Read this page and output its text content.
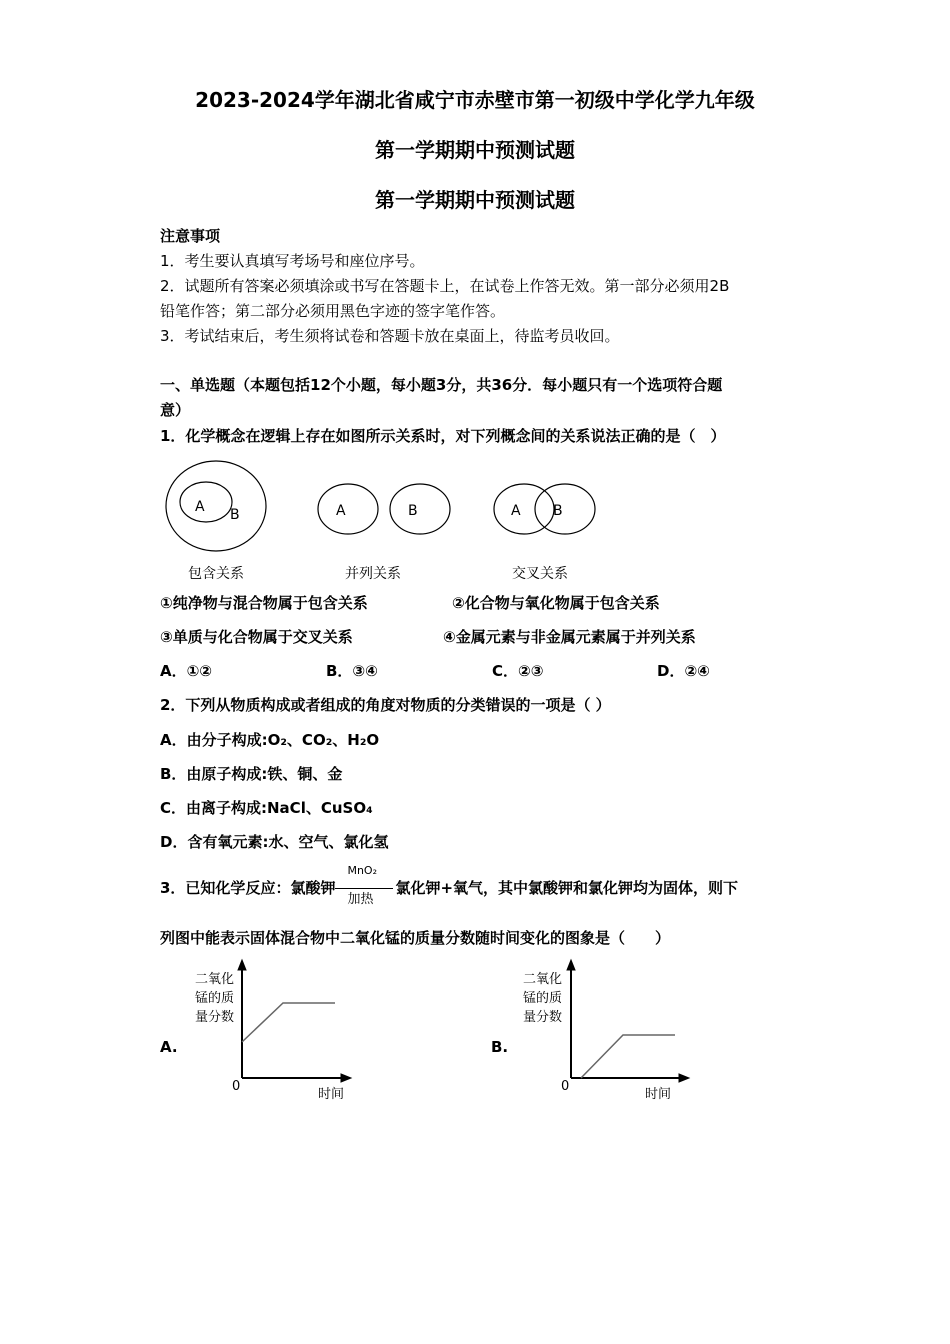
2023-2024学年湖北省咸宁市赤壁市第一初级中学化学九年级
第一学期期中预测试题
第一学期期中预测试题
注意事项
1．考生要认真填写考场号和座位序号。
2．试题所有答案必须填涂或书写在答题卡上，在试卷上作答无效。第一部分必须用2B
铅笔作答；第二部分必须用黑色字迹的签字笔作答。
3．考试结束后，考生须将试卷和答题卡放在桌面上，待监考员收回。
一、单选题（本题包括12个小题，每小题3分，共36分．每小题只有一个选项符合题
意）
1．化学概念在逻辑上存在如图所示关系时，对下列概念间的关系说法正确的是（　）
A B	A	B	A B
包含关系	并列关系	交叉关系
①纯净物与混合物属于包含关系	②化合物与氧化物属于包含关系
③单质与化合物属于交叉关系	④金属元素与非金属元素属于并列关系
A．①②	B．③④	C．②③	D．②④
2．下列从物质构成或者组成的角度对物质的分类错误的一项是（ ）
A．由分子构成:O₂、CO₂、H₂O
B．由原子构成:铁、铜、金
C．由离子构成:NaCl、CuSO₄
D．含有氧元素:水、空气、氯化氢
3．已知化学反应：氯酸钾
MnO₂
加热
氯化钾+氧气，其中氯酸钾和氯化钾均为固体，则下
列图中能表示固体混合物中二氧化锰的质量分数随时间变化的图象是（　　）
A.
二氧化
锰的质
量分数
0
时间
B.
二氧化
锰的质
量分数
0
时间
